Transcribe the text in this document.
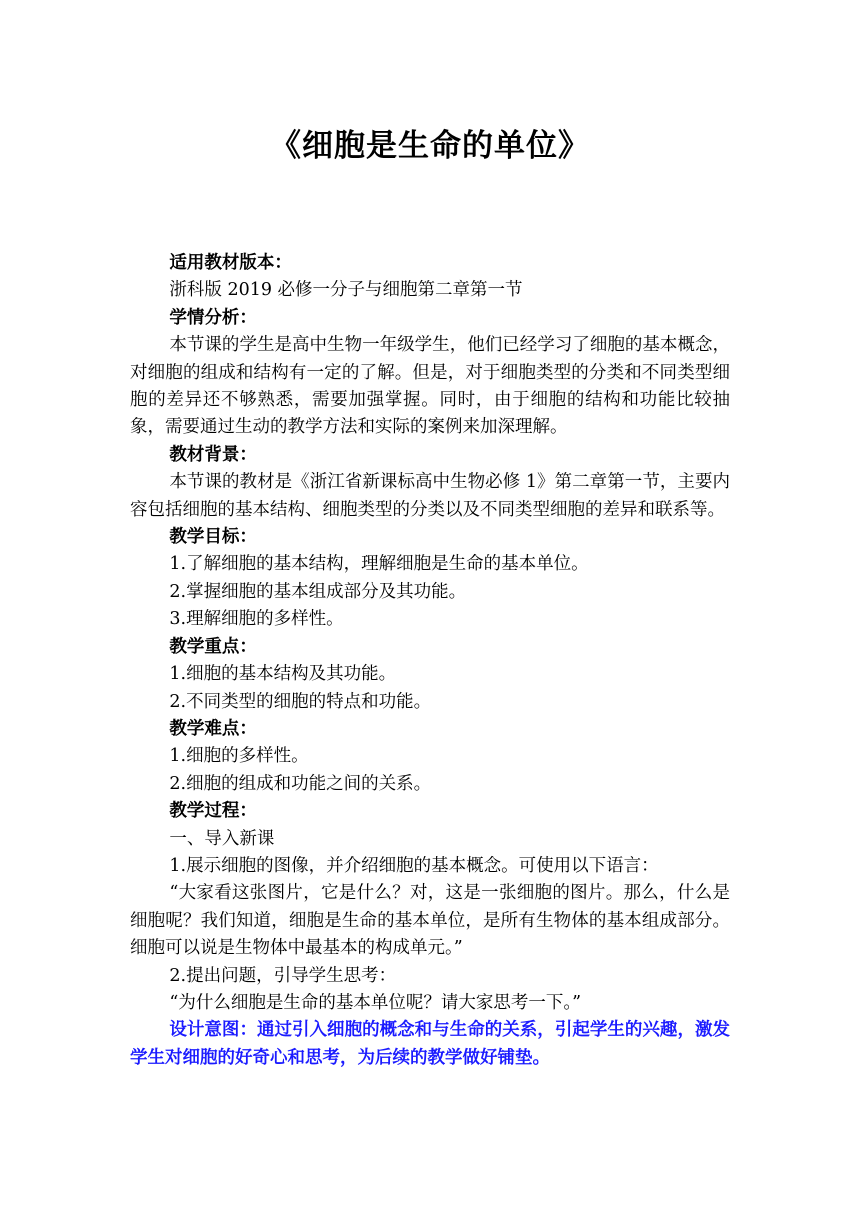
《细胞是生命的单位》

适用教材版本：

浙科版 2019 必修一分子与细胞第二章第一节

学情分析：

本节课的学生是高中生物一年级学生，他们已经学习了细胞的基本概念，对细胞的组成和结构有一定的了解。但是，对于细胞类型的分类和不同类型细胞的差异还不够熟悉，需要加强掌握。同时，由于细胞的结构和功能比较抽象，需要通过生动的教学方法和实际的案例来加深理解。

教材背景：

本节课的教材是《浙江省新课标高中生物必修 1》第二章第一节，主要内容包括细胞的基本结构、细胞类型的分类以及不同类型细胞的差异和联系等。

教学目标：

1.了解细胞的基本结构，理解细胞是生命的基本单位。

2.掌握细胞的基本组成部分及其功能。

3.理解细胞的多样性。

教学重点：

1.细胞的基本结构及其功能。

2.不同类型的细胞的特点和功能。

教学难点：

1.细胞的多样性。

2.细胞的组成和功能之间的关系。

教学过程：

一、导入新课

1.展示细胞的图像，并介绍细胞的基本概念。可使用以下语言：

“大家看这张图片，它是什么？对，这是一张细胞的图片。那么，什么是细胞呢？我们知道，细胞是生命的基本单位，是所有生物体的基本组成部分。细胞可以说是生物体中最基本的构成单元。”

2.提出问题，引导学生思考：

“为什么细胞是生命的基本单位呢？请大家思考一下。”

设计意图：通过引入细胞的概念和与生命的关系，引起学生的兴趣，激发学生对细胞的好奇心和思考，为后续的教学做好铺垫。
